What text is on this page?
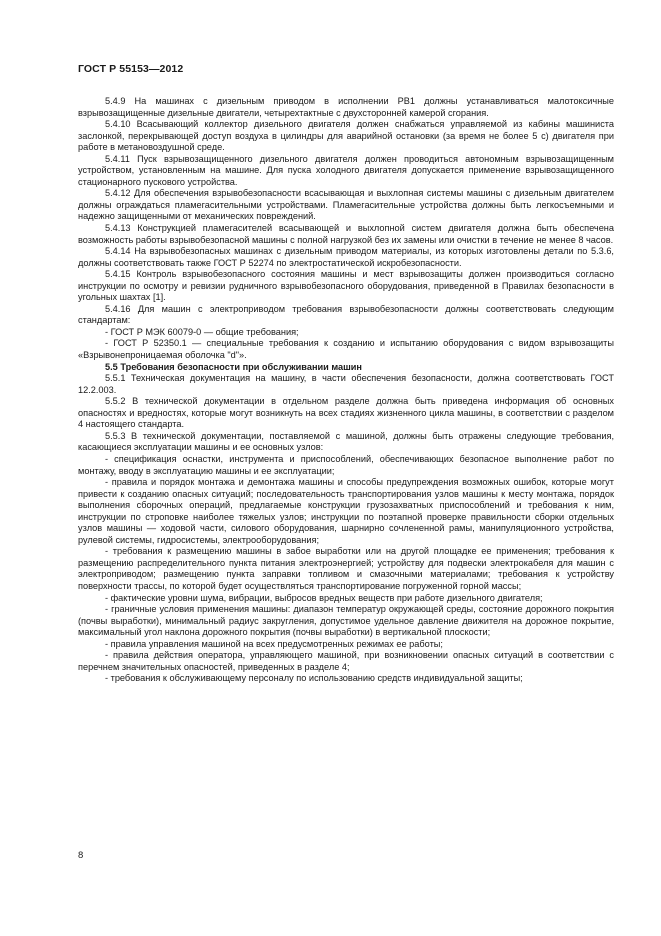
ГОСТ Р 55153—2012

5.4.9 На машинах с дизельным приводом в исполнении РВ1 должны устанавливаться малотоксичные взрывозащищенные дизельные двигатели, четырехтактные с двухсторонней камерой сгорания.

5.4.10 Всасывающий коллектор дизельного двигателя должен снабжаться управляемой из кабины машиниста заслонкой, перекрывающей доступ воздуха в цилиндры для аварийной остановки (за время не более 5 с) двигателя при работе в метановоздушной среде.

5.4.11 Пуск взрывозащищенного дизельного двигателя должен проводиться автономным взрывозащищенным устройством, установленным на машине. Для пуска холодного двигателя допускается применение взрывозащищенного стационарного пускового устройства.

5.4.12 Для обеспечения взрывобезопасности всасывающая и выхлопная системы машины с дизельным двигателем должны ограждаться пламегасительными устройствами. Пламегасительные устройства должны быть легкосъемными и надежно защищенными от механических повреждений.

5.4.13 Конструкцией пламегасителей всасывающей и выхлопной систем двигателя должна быть обеспечена возможность работы взрывобезопасной машины с полной нагрузкой без их замены или очистки в течение не менее 8 часов.

5.4.14 На взрывобезопасных машинах с дизельным приводом материалы, из которых изготовлены детали по 5.3.6, должны соответствовать также ГОСТ Р 52274 по электростатической искробезопасности.

5.4.15 Контроль взрывобезопасного состояния машины и мест взрывозащиты должен производиться согласно инструкции по осмотру и ревизии рудничного взрывобезопасного оборудования, приведенной в Правилах безопасности в угольных шахтах [1].

5.4.16 Для машин с электроприводом требования взрывобезопасности должны соответствовать следующим стандартам:

- ГОСТ Р МЭК 60079-0 — общие требования;

- ГОСТ Р 52350.1 — специальные требования к созданию и испытанию оборудования с видом взрывозащиты «Взрывонепроницаемая оболочка "d"».

5.5 Требования безопасности при обслуживании машин

5.5.1 Техническая документация на машину, в части обеспечения безопасности, должна соответствовать ГОСТ 12.2.003.

5.5.2 В технической документации в отдельном разделе должна быть приведена информация об основных опасностях и вредностях, которые могут возникнуть на всех стадиях жизненного цикла машины, в соответствии с разделом 4 настоящего стандарта.

5.5.3 В технической документации, поставляемой с машиной, должны быть отражены следующие требования, касающиеся эксплуатации машины и ее основных узлов:

- спецификация оснастки, инструмента и приспособлений, обеспечивающих безопасное выполнение работ по монтажу, вводу в эксплуатацию машины и ее эксплуатации;

- правила и порядок монтажа и демонтажа машины и способы предупреждения возможных ошибок, которые могут привести к созданию опасных ситуаций; последовательность транспортирования узлов машины к месту монтажа, порядок выполнения сборочных операций, предлагаемые конструкции грузозахватных приспособлений и требования к ним, инструкции по строповке наиболее тяжелых узлов; инструкции по поэтапной проверке правильности сборки отдельных узлов машины — ходовой части, силового оборудования, шарнирно сочлененной рамы, манипуляционного устройства, рулевой системы, гидросистемы, электрооборудования;

- требования к размещению машины в забое выработки или на другой площадке ее применения; требования к размещению распределительного пункта питания электроэнергией; устройству для подвески электрокабеля для машин с электроприводом; размещению пункта заправки топливом и смазочными материалами; требования к устройству поверхности трассы, по которой будет осуществляться транспортирование погруженной горной массы;

- фактические уровни шума, вибрации, выбросов вредных веществ при работе дизельного двигателя;

- граничные условия применения машины: диапазон температур окружающей среды, состояние дорожного покрытия (почвы выработки), минимальный радиус закругления, допустимое удельное давление движителя на дорожное покрытие, максимальный угол наклона дорожного покрытия (почвы выработки) в вертикальной плоскости;

- правила управления машиной на всех предусмотренных режимах ее работы;

- правила действия оператора, управляющего машиной, при возникновении опасных ситуаций в соответствии с перечнем значительных опасностей, приведенных в разделе 4;

- требования к обслуживающему персоналу по использованию средств индивидуальной защиты;

8
